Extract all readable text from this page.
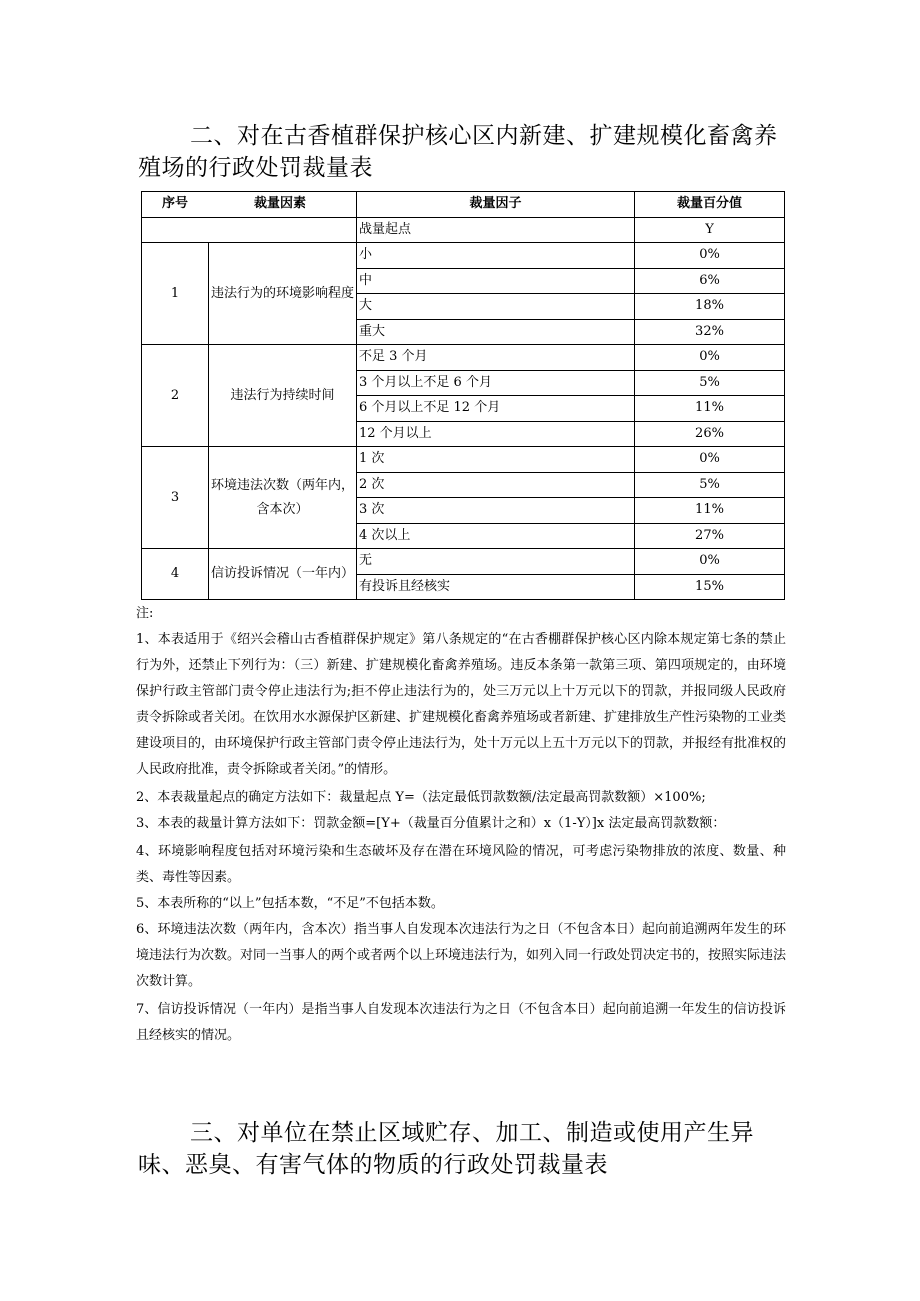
二、对在古香植群保护核心区内新建、扩建规模化畜禽养
殖场的行政处罚裁量表
序号 裁量因素		裁量因子	裁量百分值
		战量起点	Y
1	违法行为的环境影响程度	小	0%
		中	6%
		大	18%
		重大	32%
2	违法行为持续时间	不足 3 个月	0%
		3 个月以上不足 6 个月	5%
		6 个月以上不足 12 个月	11%
		12 个月以上	26%
3	环境违法次数（两年内，含本次）	1 次	0%
		2 次	5%
		3 次	11%
		4 次以上	27%
4	信访投诉情况（一年内）	无	0%
		有投诉且经核实	15%

注:

1、本表适用于《绍兴会稽山古香植群保护规定》第八条规定的“在古香棚群保护核心区内除本规定第七条的禁止行为外，还禁止下列行为：（三）新建、扩建规模化畜禽养殖场。违反本条第一款第三项、第四项规定的，由环境保护行政主管部门责令停止违法行为;拒不停止违法行为的，处三万元以上十万元以下的罚款，并报同级人民政府责令拆除或者关闭。在饮用水水源保护区新建、扩建规模化畜禽养殖场或者新建、扩建排放生产性污染物的工业类建设项目的，由环境保护行政主管部门责令停止违法行为，处十万元以上五十万元以下的罚款，并报经有批准权的人民政府批准，责令拆除或者关闭。”的情形。

2、本表裁量起点的确定方法如下：裁量起点 Y=（法定最低罚款数额/法定最高罚款数额）×100%;

3、本表的裁量计算方法如下：罚款金额=[Y+（裁量百分值累计之和）x（1-Y）]x 法定最高罚款数额：

4、环境影响程度包括对环境污染和生态破坏及存在潜在环境风险的情况，可考虑污染物排放的浓度、数量、种类、毒性等因素。

5、本表所称的“以上”包括本数，“不足”不包括本数。

6、环境违法次数（两年内，含本次）指当事人自发现本次违法行为之日（不包含本日）起向前追溯两年发生的环境违法行为次数。对同一当事人的两个或者两个以上环境违法行为，如列入同一行政处罚决定书的，按照实际违法次数计算。

7、信访投诉情况（一年内）是指当事人自发现本次违法行为之日（不包含本日）起向前追溯一年发生的信访投诉且经核实的情况。

三、对单位在禁止区域贮存、加工、制造或使用产生异
味、恶臭、有害气体的物质的行政处罚裁量表
